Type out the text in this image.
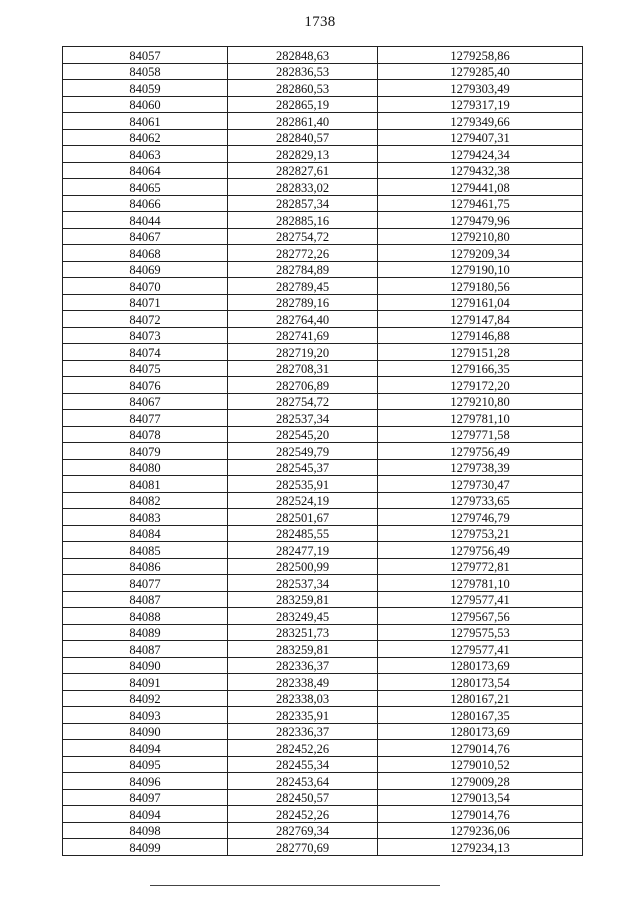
1738
84057	282848,63	1279258,86
84058	282836,53	1279285,40
84059	282860,53	1279303,49
84060	282865,19	1279317,19
84061	282861,40	1279349,66
84062	282840,57	1279407,31
84063	282829,13	1279424,34
84064	282827,61	1279432,38
84065	282833,02	1279441,08
84066	282857,34	1279461,75
84044	282885,16	1279479,96
84067	282754,72	1279210,80
84068	282772,26	1279209,34
84069	282784,89	1279190,10
84070	282789,45	1279180,56
84071	282789,16	1279161,04
84072	282764,40	1279147,84
84073	282741,69	1279146,88
84074	282719,20	1279151,28
84075	282708,31	1279166,35
84076	282706,89	1279172,20
84067	282754,72	1279210,80
84077	282537,34	1279781,10
84078	282545,20	1279771,58
84079	282549,79	1279756,49
84080	282545,37	1279738,39
84081	282535,91	1279730,47
84082	282524,19	1279733,65
84083	282501,67	1279746,79
84084	282485,55	1279753,21
84085	282477,19	1279756,49
84086	282500,99	1279772,81
84077	282537,34	1279781,10
84087	283259,81	1279577,41
84088	283249,45	1279567,56
84089	283251,73	1279575,53
84087	283259,81	1279577,41
84090	282336,37	1280173,69
84091	282338,49	1280173,54
84092	282338,03	1280167,21
84093	282335,91	1280167,35
84090	282336,37	1280173,69
84094	282452,26	1279014,76
84095	282455,34	1279010,52
84096	282453,64	1279009,28
84097	282450,57	1279013,54
84094	282452,26	1279014,76
84098	282769,34	1279236,06
84099	282770,69	1279234,13
